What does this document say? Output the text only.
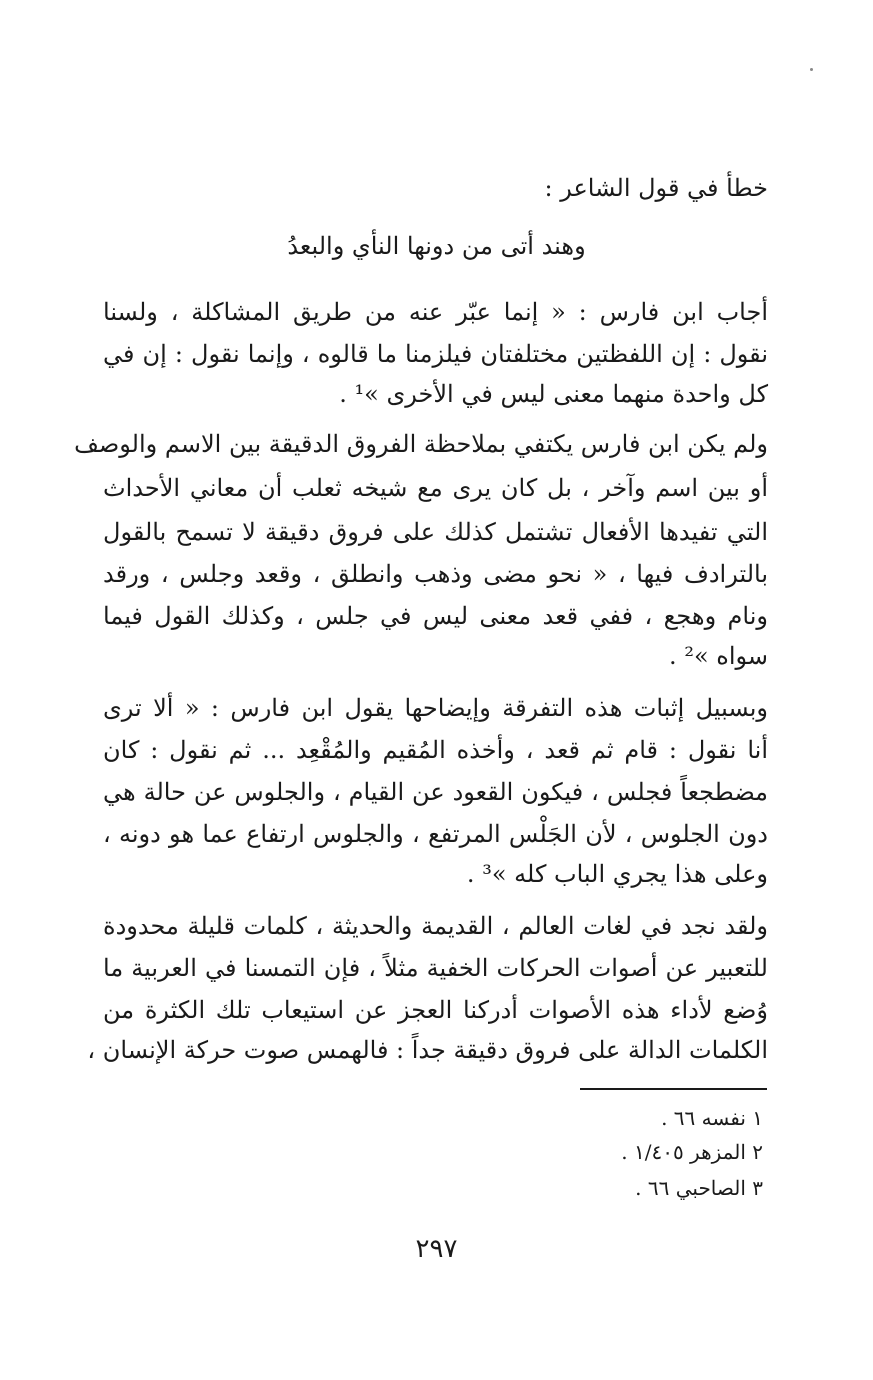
خطأ في قول الشاعر :
وهند أتى من دونها النأي والبعدُ
أجاب ابن فارس : « إنما عبّر عنه من طريق المشاكلة ، ولسنا
نقول : إن اللفظتين مختلفتان فيلزمنا ما قالوه ، وإنما نقول : إن في
كل واحدة منهما معنى ليس في الأخرى »¹ .
ولم يكن ابن فارس يكتفي بملاحظة الفروق الدقيقة بين الاسم والوصف
أو بين اسم وآخر ، بل كان يرى مع شيخه ثعلب أن معاني الأحداث
التي تفيدها الأفعال تشتمل كذلك على فروق دقيقة لا تسمح بالقول
بالترادف فيها ، « نحو مضى وذهب وانطلق ، وقعد وجلس ، ورقد
ونام وهجع ، ففي قعد معنى ليس في جلس ، وكذلك القول فيما
سواه »² .
وبسبيل إثبات هذه التفرقة وإيضاحها يقول ابن فارس : « ألا ترى
أنا نقول : قام ثم قعد ، وأخذه المُقيم والمُقْعِد ... ثم نقول : كان
مضطجعاً فجلس ، فيكون القعود عن القيام ، والجلوس عن حالة هي
دون الجلوس ، لأن الجَلْس المرتفع ، والجلوس ارتفاع عما هو دونه ،
وعلى هذا يجري الباب كله »³ .
ولقد نجد في لغات العالم ، القديمة والحديثة ، كلمات قليلة محدودة
للتعبير عن أصوات الحركات الخفية مثلاً ، فإن التمسنا في العربية ما
وُضع لأداء هذه الأصوات أدركنا العجز عن استيعاب تلك الكثرة من
الكلمات الدالة على فروق دقيقة جداً : فالهمس صوت حركة الإنسان ،
١ نفسه ٦٦ .
٢ المزهر ١/٤٠٥ .
٣ الصاحبي ٦٦ .
٢٩٧
